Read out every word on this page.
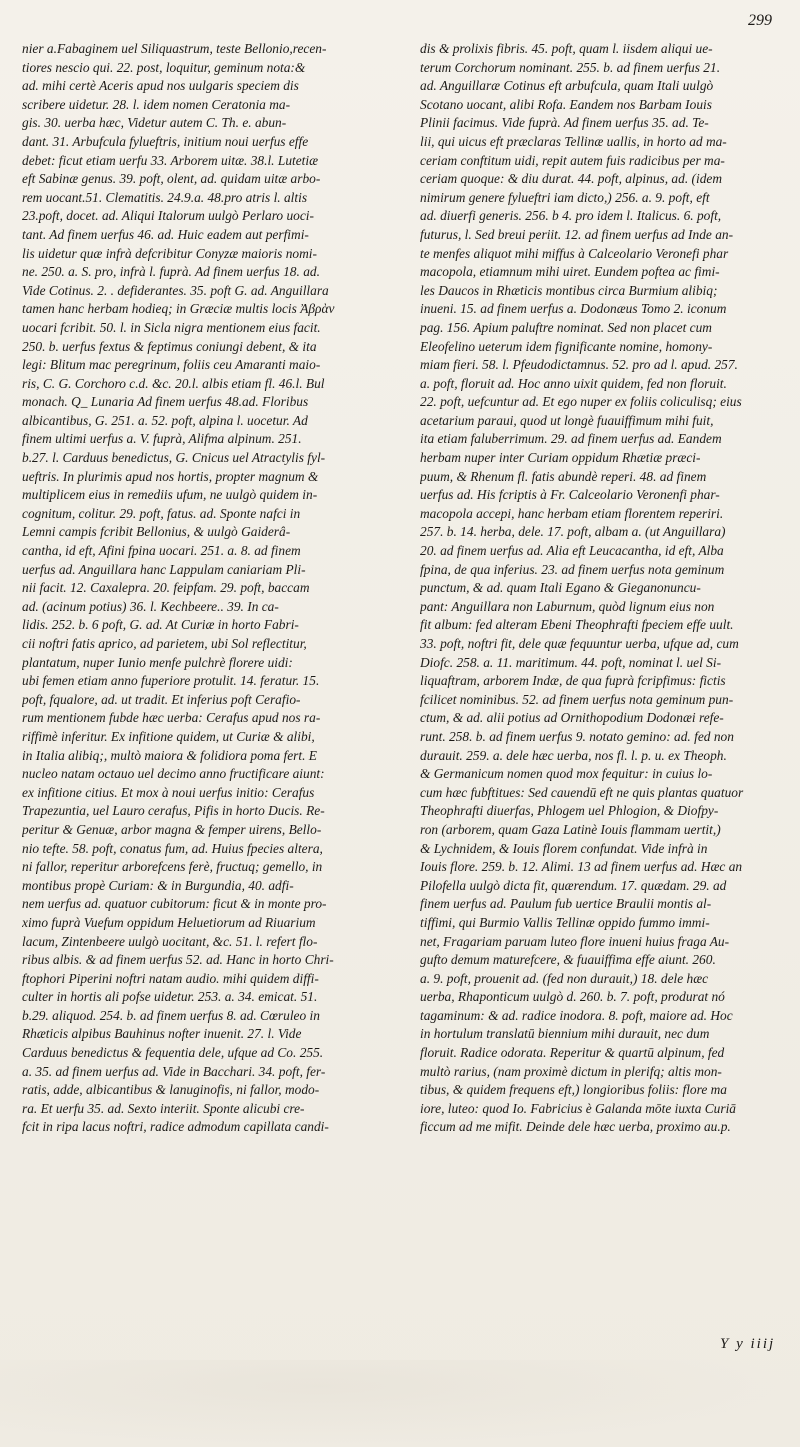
299
nier a.Fabaginem uel Siliquastrum, teste Bellonio,recen-
tiores nescio qui. 22. post, loquitur, geminum nota:&
ad. mihi certè Aceris apud nos uulgaris speciem dis
scribere uidetur. 28. l. idem nomen Ceratonia ma-
gis. 30. uerba hæc, Videtur autem C. Th. e. abun-
dant. 31. Arbufcula fylueftris, initium noui uerfus effe
debet: ficut etiam uerfu 33. Arborem uitæ. 38.l. Lutetiæ
eft Sabinæ genus. 39. poft, olent, ad. quidam uitæ arbo-
rem uocant.51. Clematitis. 24.9.a. 48.pro atris l. altis
23.poft, docet. ad. Aliqui Italorum uulgò Perlaro uoci-
tant. Ad finem uerfus 46. ad. Huic eadem aut perfimi-
lis uidetur quæ infrà defcribitur Conyzæ maioris nomi-
ne. 250. a. S. pro, infrà l. fuprà. Ad finem uerfus 18. ad.
Vide Cotinus. 2. . defiderantes. 35. poft G. ad. Anguillara
tamen hanc herbam hodieq; in Græciæ multis locis Ἀβρὰν
uocari fcribit. 50. l. in Sicla nigra mentionem eius facit.
250. b. uerfus fextus & feptimus coniungi debent, & ita
legi: Blitum mac peregrinum, foliis ceu Amaranti maio-
ris, C. G. Corchoro c.d. &c. 20.l. albis etiam fl. 46.l. Bul
monach. Q_ Lunaria Ad finem uerfus 48.ad. Floribus
albicantibus, G. 251. a. 52. poft, alpina l. uocetur. Ad
finem ultimi uerfus a. V. fuprà, Alifma alpinum. 251.
b.27. l. Carduus benedictus, G. Cnicus uel Atractylis fyl-
ueftris. In plurimis apud nos hortis, propter magnum &
multiplicem eius in remediis ufum, ne uulgò quidem in-
cognitum, colitur. 29. poft, fatus. ad. Sponte nafci in
Lemni campis fcribit Bellonius, & uulgò Gaiderâ-
cantha, id eft, Afini fpina uocari. 251. a. 8. ad finem
uerfus ad. Anguillara hanc Lappulam caniariam Pli-
nii facit. 12. Caxalepra. 20. feipfam. 29. poft, baccam
ad. (acinum potius) 36. l. Kechbeere.. 39. In ca-
lidis. 252. b. 6 poft, G. ad. At Curiæ in horto Fabri-
cii noftri fatis aprico, ad parietem, ubi Sol reflectitur,
plantatum, nuper Iunio menfe pulchrè florere uidi:
ubi femen etiam anno fuperiore protulit. 14. feratur. 15.
poft, fqualore, ad. ut tradit. Et inferius poft Cerafio-
rum mentionem fubde hæc uerba: Cerafus apud nos ra-
riffimè inferitur. Ex infitione quidem, ut Curiæ & alibi,
in Italia alibiq;, multò maiora & folidiora poma fert. E
nucleo natam octauo uel decimo anno fructificare aiunt:
ex infitione citius. Et mox à noui uerfus initio: Cerafus
Trapezuntia, uel Lauro cerafus, Pifis in horto Ducis. Re-
peritur & Genuæ, arbor magna & femper uirens, Bello-
nio tefte. 58. poft, conatus fum, ad. Huius fpecies altera,
ni fallor, reperitur arborefcens ferè, fructuq; gemello, in
montibus propè Curiam: & in Burgundia, 40. adfi-
nem uerfus ad. quatuor cubitorum: ficut & in monte pro-
ximo fuprà Vuefum oppidum Heluetiorum ad Riuarium
lacum, Zintenbeere uulgò uocitant, &c. 51. l. refert flo-
ribus albis. & ad finem uerfus 52. ad. Hanc in horto Chri-
ftophori Piperini noftri natam audio. mihi quidem diffi-
culter in hortis ali pofse uidetur. 253. a. 34. emicat. 51.
b.29. aliquod. 254. b. ad finem uerfus 8. ad. Cœruleo in
Rhæticis alpibus Bauhinus nofter inuenit. 27. l. Vide
Carduus benedictus & fequentia dele, ufque ad Co. 255.
a. 35. ad finem uerfus ad. Vide in Bacchari. 34. poft, fer-
ratis, adde, albicantibus & lanuginofis, ni fallor, modo-
ra. Et uerfu 35. ad. Sexto interiit. Sponte alicubi cre-
fcit in ripa lacus noftri, radice admodum capillata candi-
dis & prolixis fibris. 45. poft, quam l. iisdem aliqui ue-
terum Corchorum nominant. 255. b. ad finem uerfus 21.
ad. Anguillaræ Cotinus eft arbufcula, quam Itali uulgò
Scotano uocant, alibi Rofa. Eandem nos Barbam Iouis
Plinii facimus. Vide fuprà. Ad finem uerfus 35. ad. Te-
lii, qui uicus eft præclaras Tellinæ uallis, in horto ad ma-
ceriam conftitum uidi, repit autem fuis radicibus per ma-
ceriam quoque: & diu durat. 44. poft, alpinus, ad. (idem
nimirum genere fylueftri iam dicto,) 256. a. 9. poft, eft
ad. diuerfi generis. 256. b 4. pro idem l. Italicus. 6. poft,
futurus, l. Sed breui periit. 12. ad finem uerfus ad Inde an-
te menfes aliquot mihi miffus à Calceolario Veronefi phar
macopola, etiamnum mihi uiret. Eundem poftea ac fimi-
les Daucos in Rhæticis montibus circa Burmium alibiq;
inueni. 15. ad finem uerfus a. Dodonæus Tomo 2. iconum
pag. 156. Apium paluftre nominat. Sed non placet cum
Eleofelino ueterum idem fignificante nomine, homony-
miam fieri. 58. l. Pfeudodictamnus. 52. pro ad l. apud. 257.
a. poft, floruit ad. Hoc anno uixit quidem, fed non floruit.
22. poft, uefcuntur ad. Et ego nuper ex foliis coliculisq; eius
acetarium paraui, quod ut longè fuauiffimum mihi fuit,
ita etiam faluberrimum. 29. ad finem uerfus ad. Eandem
herbam nuper inter Curiam oppidum Rhætiæ præci-
puum, & Rhenum fl. fatis abundè reperi. 48. ad finem
uerfus ad. His fcriptis à Fr. Calceolario Veronenfi phar-
macopola accepi, hanc herbam etiam florentem reperiri.
257. b. 14. herba, dele. 17. poft, albam a. (ut Anguillara)
20. ad finem uerfus ad. Alia eft Leucacantha, id eft, Alba
fpina, de qua inferius. 23. ad finem uerfus nota geminum
punctum, & ad. quam Itali Egano & Gieganonuncu-
pant: Anguillara non Laburnum, quòd lignum eius non
fit album: fed alteram Ebeni Theophrafti fpeciem effe uult.
33. poft, noftri fit, dele quæ fequuntur uerba, ufque ad, cum
Diofc. 258. a. 11. maritimum. 44. poft, nominat l. uel Si-
liquaftram, arborem Indæ, de qua fuprà fcripfimus: fictis
fcilicet nominibus. 52. ad finem uerfus nota geminum pun-
ctum, & ad. alii potius ad Ornithopodium Dodonæi refe-
runt. 258. b. ad finem uerfus 9. notato gemino: ad. fed non
durauit. 259. a. dele hæc uerba, nos fl. l. p. u. ex Theoph.
& Germanicum nomen quod mox fequitur: in cuius lo-
cum hæc fubftitues: Sed cauendū eft ne quis plantas quatuor
Theophrafti diuerfas, Phlogem uel Phlogion, & Diofpy-
ron (arborem, quam Gaza Latinè Iouis flammam uertit,)
& Lychnidem, & Iouis florem confundat. Vide infrà in
Iouis flore. 259. b. 12. Alimi. 13 ad finem uerfus ad. Hæc an
Pilofella uulgò dicta fit, quærendum. 17. quædam. 29. ad
finem uerfus ad. Paulum fub uertice Braulii montis al-
tiffimi, qui Burmio Vallis Tellinæ oppido fummo immi-
net, Fragariam paruam luteo flore inueni huius fraga Au-
gufto demum maturefcere, & fuauiffima effe aiunt. 260.
a. 9. poft, prouenit ad. (fed non durauit,) 18. dele hæc
uerba, Rhaponticum uulgò d. 260. b. 7. poft, produrat nó
tagaminum: & ad. radice inodora. 8. poft, maiore ad. Hoc
in hortulum translatū biennium mihi durauit, nec dum
floruit. Radice odorata. Reperitur & quartū alpinum, fed
multò rarius, (nam proximè dictum in plerifq; altis mon-
tibus, & quidem frequens eft,) longioribus foliis: flore ma
iore, luteo: quod Io. Fabricius è Galanda mōte iuxta Curiā
ficcum ad me mifit. Deinde dele hæc uerba, proximo au.p.
Y y iiij
